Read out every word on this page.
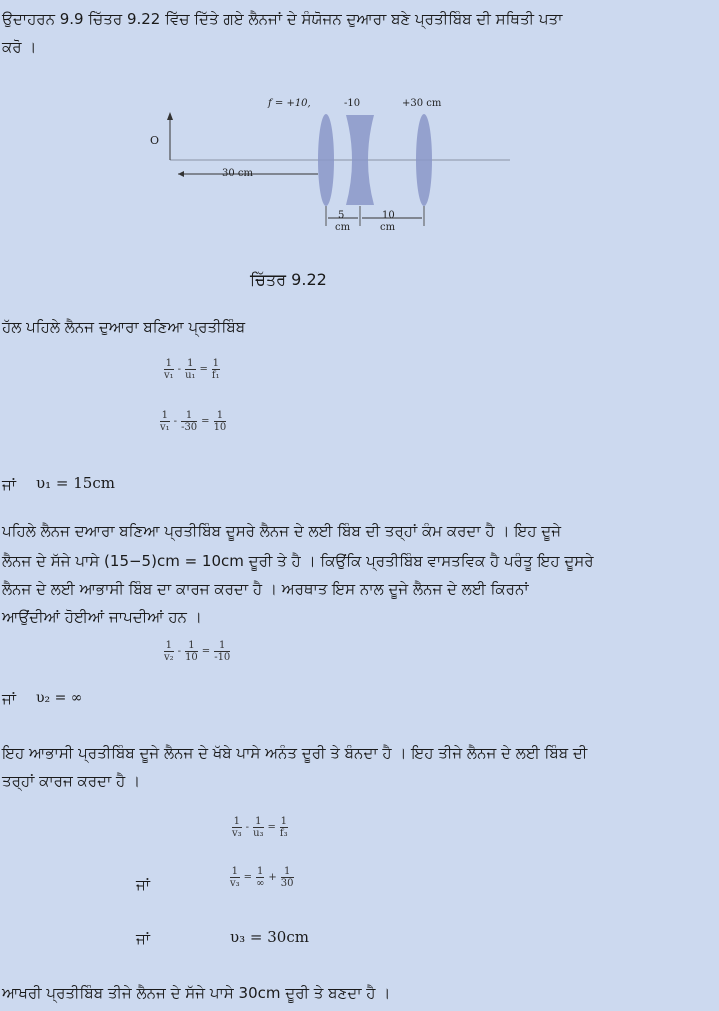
ਉਦਾਹਰਨ 9.9 ਚਿੱਤਰ 9.22 ਵਿੱਚ ਦਿੱਤੇ ਗਏ ਲੈਨਜਾਂ ਦੇ ਸੰਯੋਜਨ ਦੁਆਰਾ ਬਣੇ ਪ੍ਰਤੀਬਿੰਬ ਦੀ ਸਥਿਤੀ ਪਤਾ
ਕਰੋ ।
f = +10,	-10	+30 cm
O
30 cm
5
cm
10
cm
ਚਿੱਤਰ 9.22
ਹੱਲ ਪਹਿਲੇ ਲੈਨਜ ਦੁਆਰਾ ਬਣਿਆ ਪ੍ਰਤੀਬਿੰਬ
1
v₁
	-	
1
u₁
	=	
1
f₁
1
v₁
	-	
1
-30
	=	
1
10
ਜਾਂ υ₁ = 15cm
ਪਹਿਲੇ ਲੈਨਜ ਦਆਰਾ ਬਣਿਆ ਪ੍ਰਤੀਬਿੰਬ ਦੂਸਰੇ ਲੈਨਜ ਦੇ ਲਈ ਬਿੰਬ ਦੀ ਤਰ੍ਹਾਂ ਕੰਮ ਕਰਦਾ ਹੈ । ਇਹ ਦੂਜੇ
ਲੈਨਜ ਦੇ ਸੱਜੇ ਪਾਸੇ (15−5)cm = 10cm ਦੂਰੀ ਤੇ ਹੈ । ਕਿਉਂਕਿ ਪ੍ਰਤੀਬਿੰਬ ਵਾਸਤਵਿਕ ਹੈ ਪਰੰਤੂ ਇਹ ਦੂਸਰੇ
ਲੈਨਜ ਦੇ ਲਈ ਆਭਾਸੀ ਬਿੰਬ ਦਾ ਕਾਰਜ ਕਰਦਾ ਹੈ । ਅਰਥਾਤ ਇਸ ਨਾਲ ਦੂਜੇ ਲੈਨਜ ਦੇ ਲਈ ਕਿਰਨਾਂ
ਆਉਂਦੀਆਂ ਹੋਈਆਂ ਜਾਪਦੀਆਂ ਹਨ ।
1
v₂
	-	
1
10
	=	
1
-10
ਜਾਂ υ₂ = ∞
ਇਹ ਆਭਾਸੀ ਪ੍ਰਤੀਬਿੰਬ ਦੂਜੇ ਲੈਨਜ ਦੇ ਖੱਬੇ ਪਾਸੇ ਅਨੰਤ ਦੂਰੀ ਤੇ ਬੰਨਦਾ ਹੈ । ਇਹ ਤੀਜੇ ਲੈਨਜ ਦੇ ਲਈ ਬਿੰਬ ਦੀ
ਤਰ੍ਹਾਂ ਕਾਰਜ ਕਰਦਾ ਹੈ ।
1
v₃
	-	
1
u₃
	=	
1
f₃
ਜਾਂ
1
v₃
	=	
1
∞
	+	
1
30
ਜਾਂ	υ₃ = 30cm
ਆਖਰੀ ਪ੍ਰਤੀਬਿੰਬ ਤੀਜੇ ਲੈਨਜ ਦੇ ਸੱਜੇ ਪਾਸੇ 30cm ਦੂਰੀ ਤੇ ਬਣਦਾ ਹੈ ।
